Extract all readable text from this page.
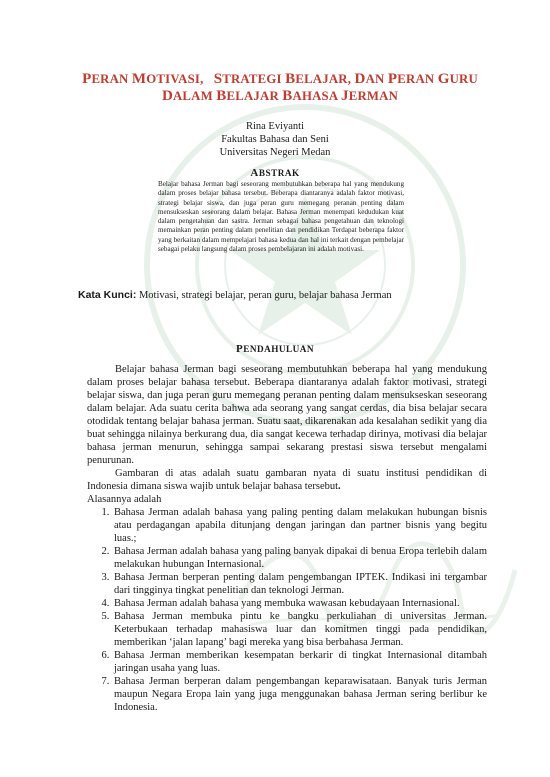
PERAN MOTIVASI,   STRATEGI BELAJAR, DAN PERAN GURU
DALAM BELAJAR BAHASA JERMAN
Rina Eviyanti
Fakultas Bahasa dan Seni
Universitas Negeri Medan
ABSTRAK
Belajar bahasa Jerman bagi seseorang membutuhkan beberapa hal yang mendukung dalam proses belajar bahasa tersebut. Beberapa diantaranya adalah faktor motivasi, strategi belajar siswa, dan juga peran guru memegang peranan penting dalam mensukseskan seseorang dalam belajar. Bahasa Jerman menempati kedudukan kuat dalam pengetahuan dan sastra. Jerman sebagai bahasa pengetahuan dan teknologi memainkan peran penting dalam penelitian dan pendidikan Terdapat beberapa faktor yang berkaitan dalam mempelajari bahasa kedua dan hal ini terkait dengan pembelajar sebagai pelaku langsung dalam proses pembelajaran ini adalah motivasi.
Kata Kunci: Motivasi, strategi belajar, peran guru, belajar bahasa Jerman
PENDAHULUAN

Belajar bahasa Jerman bagi seseorang membutuhkan beberapa hal yang mendukung dalam proses belajar bahasa tersebut. Beberapa diantaranya adalah faktor motivasi, strategi belajar siswa, dan juga peran guru memegang peranan penting dalam mensukseskan seseorang dalam belajar. Ada suatu cerita bahwa ada seorang yang sangat cerdas, dia bisa belajar secara otodidak tentang belajar bahasa jerman. Suatu saat, dikarenakan ada kesalahan sedikit yang dia buat sehingga nilainya berkurang dua, dia sangat kecewa terhadap dirinya, motivasi dia belajar bahasa jerman menurun, sehingga sampai sekarang prestasi siswa tersebut mengalami penurunan.

Gambaran di atas adalah suatu gambaran nyata di suatu institusi pendidikan di Indonesia dimana siswa wajib untuk belajar bahasa tersebut.

Alasannya adalah

1. Bahasa Jerman adalah bahasa yang paling penting dalam melakukan hubungan bisnis atau perdagangan apabila ditunjang dengan jaringan dan partner bisnis yang begitu luas.;
2. Bahasa Jerman adalah bahasa yang paling banyak dipakai di benua Eropa terlebih dalam melakukan hubungan Internasional.
3. Bahasa Jerman berperan penting dalam pengembangan IPTEK. Indikasi ini tergambar dari tingginya tingkat penelitian dan teknologi Jerman.
4. Bahasa Jerman adalah bahasa yang membuka wawasan kebudayaan Internasional.
5. Bahasa Jerman membuka pintu ke bangku perkuliahan di universitas Jerman. Keterbukaan terhadap mahasiswa luar dan komitmen tinggi pada pendidikan, memberikan ‘jalan lapang’ bagi mereka yang bisa berbahasa Jerman.
6. Bahasa Jerman memberikan kesempatan berkarir di tingkat Internasional ditambah jaringan usaha yang luas.
7. Bahasa Jerman berperan dalam pengembangan keparawisataan. Banyak turis Jerman maupun Negara Eropa lain yang juga menggunakan bahasa Jerman sering berlibur ke Indonesia.
